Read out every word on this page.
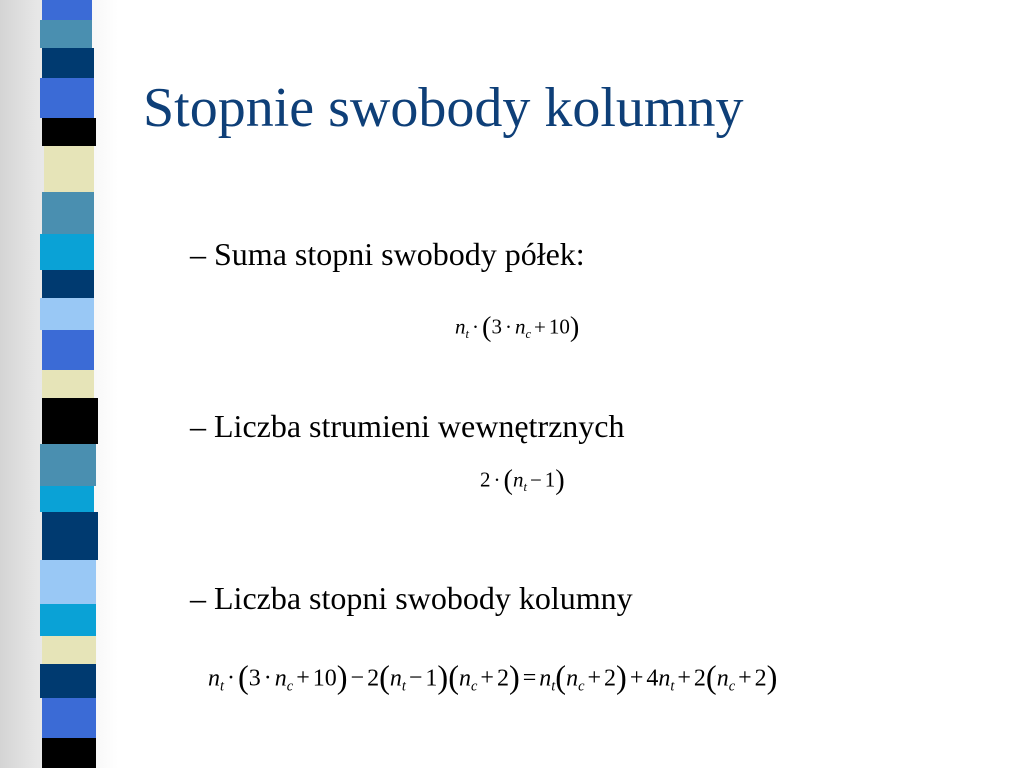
Stopnie swobody kolumny
– Suma stopni swobody półek:
$n_t \cdot (3 \cdot n_c + 10)$
– Liczba strumieni wewnętrznych
$2 \cdot (n_t - 1)$
– Liczba stopni swobody kolumny
$n_t \cdot(3 \cdot n_c + 10) - 2(n_t - 1)(n_c + 2) = n_t(n_c + 2) + 4n_t + 2(n_c + 2)$
